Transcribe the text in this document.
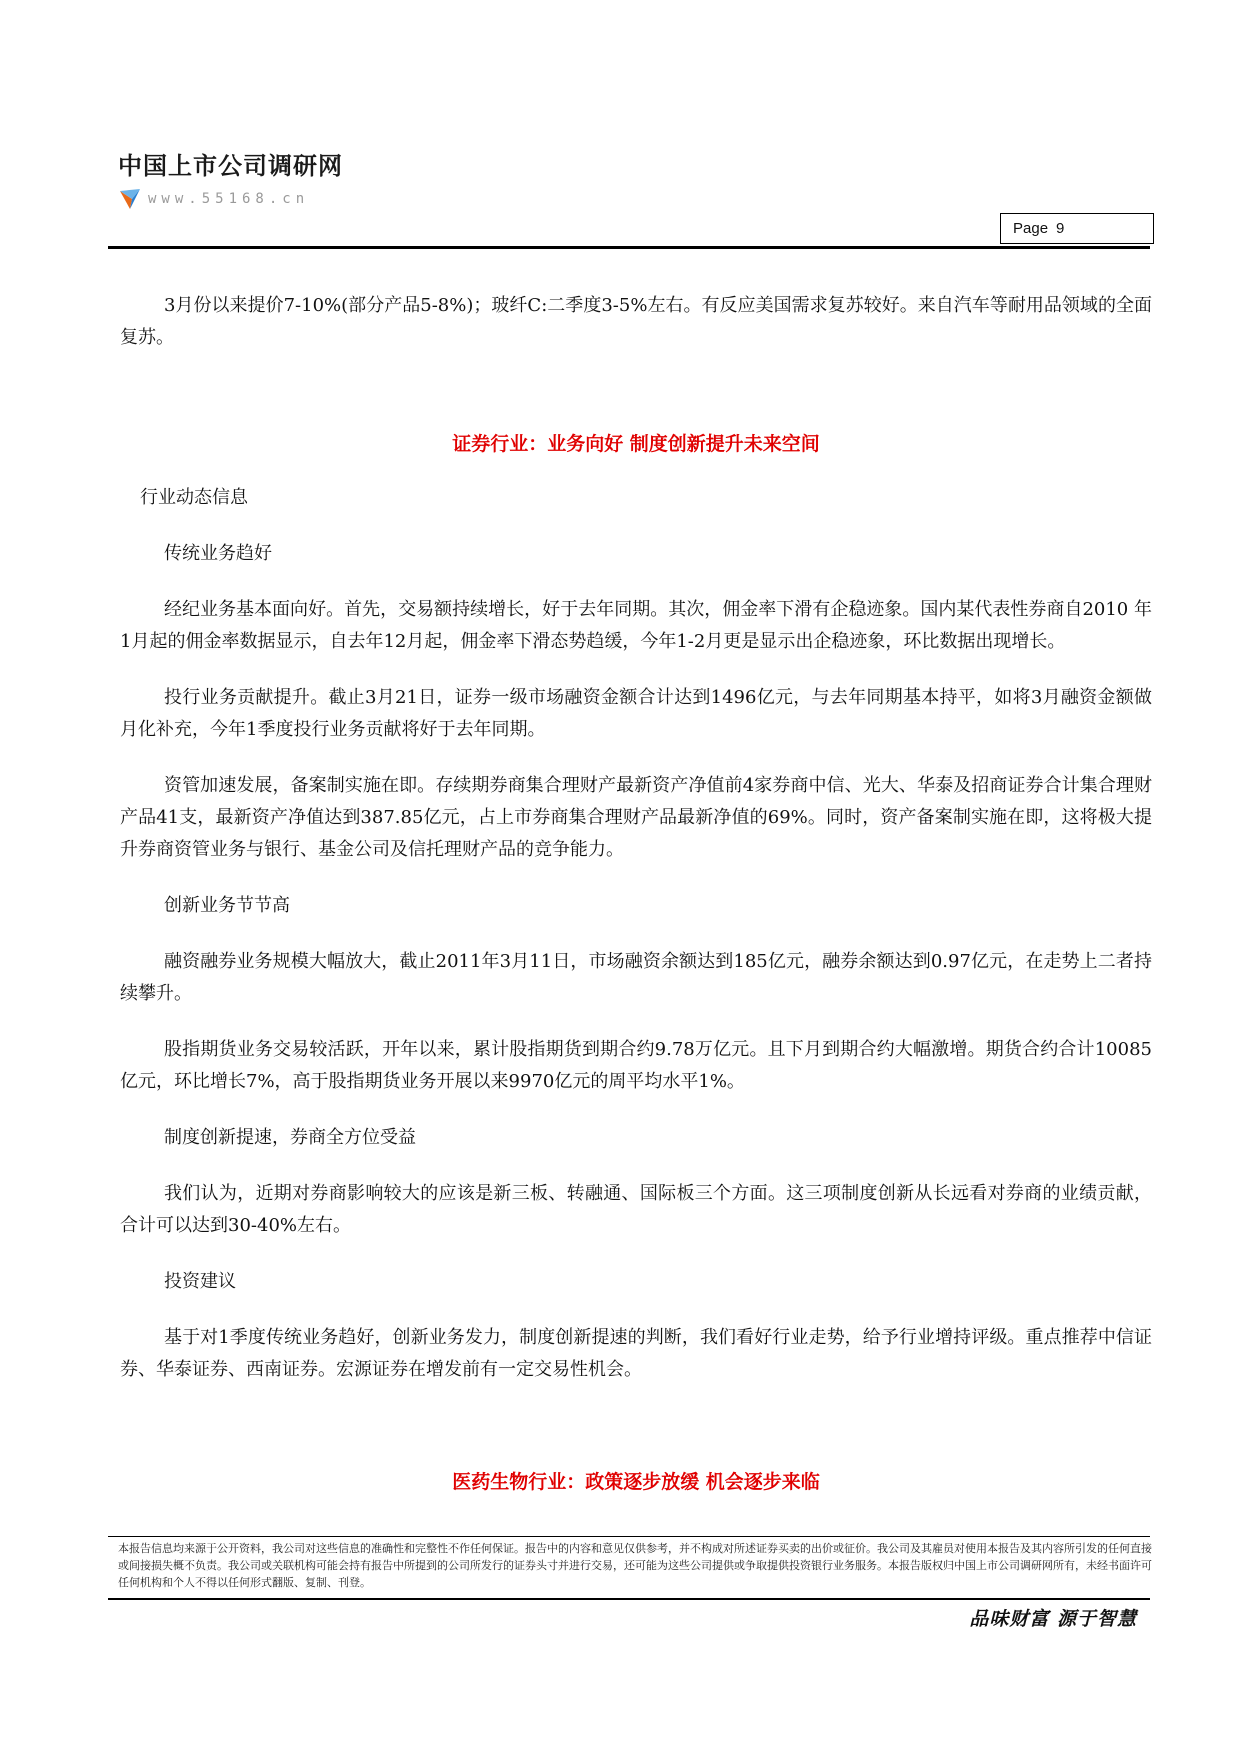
中国上市公司调研网
www.55168.cn
Page 9

3月份以来提价7-10%(部分产品5-8%)；玻纤C:二季度3-5%左右。有反应美国需求复苏较好。来自汽车等耐用品领域的全面复苏。

证券行业：业务向好 制度创新提升未来空间

行业动态信息

传统业务趋好

经纪业务基本面向好。首先，交易额持续增长，好于去年同期。其次，佣金率下滑有企稳迹象。国内某代表性券商自2010 年1月起的佣金率数据显示，自去年12月起，佣金率下滑态势趋缓，今年1-2月更是显示出企稳迹象，环比数据出现增长。

投行业务贡献提升。截止3月21日，证券一级市场融资金额合计达到1496亿元，与去年同期基本持平，如将3月融资金额做月化补充，今年1季度投行业务贡献将好于去年同期。

资管加速发展，备案制实施在即。存续期券商集合理财产最新资产净值前4家券商中信、光大、华泰及招商证券合计集合理财产品41支，最新资产净值达到387.85亿元，占上市券商集合理财产品最新净值的69%。同时，资产备案制实施在即，这将极大提升券商资管业务与银行、基金公司及信托理财产品的竞争能力。

创新业务节节高

融资融券业务规模大幅放大，截止2011年3月11日，市场融资余额达到185亿元，融券余额达到0.97亿元，在走势上二者持续攀升。

股指期货业务交易较活跃，开年以来，累计股指期货到期合约9.78万亿元。且下月到期合约大幅激增。期货合约合计10085亿元，环比增长7%，高于股指期货业务开展以来9970亿元的周平均水平1%。

制度创新提速，券商全方位受益

我们认为，近期对券商影响较大的应该是新三板、转融通、国际板三个方面。这三项制度创新从长远看对券商的业绩贡献，合计可以达到30-40%左右。

投资建议

基于对1季度传统业务趋好，创新业务发力，制度创新提速的判断，我们看好行业走势，给予行业增持评级。重点推荐中信证券、华泰证券、西南证券。宏源证券在增发前有一定交易性机会。

医药生物行业：政策逐步放缓 机会逐步来临
本报告信息均来源于公开资料，我公司对这些信息的准确性和完整性不作任何保证。报告中的内容和意见仅供参考，并不构成对所述证券买卖的出价或征价。我公司及其雇员对使用本报告及其内容所引发的任何直接或间接损失概不负责。我公司或关联机构可能会持有报告中所提到的公司所发行的证券头寸并进行交易，还可能为这些公司提供或争取提供投资银行业务服务。本报告版权归中国上市公司调研网所有，未经书面许可任何机构和个人不得以任何形式翻版、复制、刊登。
品味财富 源于智慧
